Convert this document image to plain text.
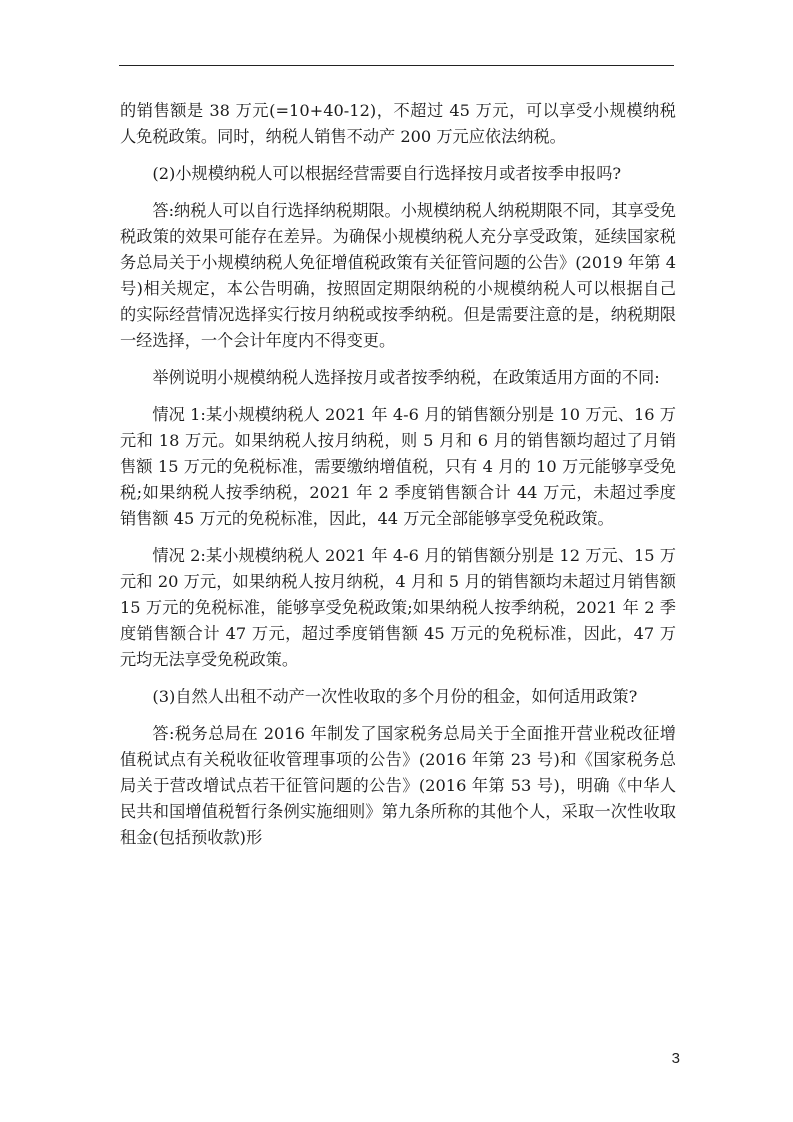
的销售额是 38 万元(=10+40-12)，不超过 45 万元，可以享受小规模纳税人免税政策。同时，纳税人销售不动产 200 万元应依法纳税。

(2)小规模纳税人可以根据经营需要自行选择按月或者按季申报吗?

答:纳税人可以自行选择纳税期限。小规模纳税人纳税期限不同，其享受免税政策的效果可能存在差异。为确保小规模纳税人充分享受政策，延续国家税务总局关于小规模纳税人免征增值税政策有关征管问题的公告》(2019 年第 4 号)相关规定，本公告明确，按照固定期限纳税的小规模纳税人可以根据自己的实际经营情况选择实行按月纳税或按季纳税。但是需要注意的是，纳税期限一经选择，一个会计年度内不得变更。

举例说明小规模纳税人选择按月或者按季纳税，在政策适用方面的不同:

情况 1:某小规模纳税人 2021 年 4-6 月的销售额分别是 10 万元、16 万元和 18 万元。如果纳税人按月纳税，则 5 月和 6 月的销售额均超过了月销售额 15 万元的免税标准，需要缴纳增值税，只有 4 月的 10 万元能够享受免税;如果纳税人按季纳税，2021 年 2 季度销售额合计 44 万元，未超过季度销售额 45 万元的免税标准，因此，44 万元全部能够享受免税政策。

情况 2:某小规模纳税人 2021 年 4-6 月的销售额分别是 12 万元、15 万元和 20 万元，如果纳税人按月纳税，4 月和 5 月的销售额均未超过月销售额 15 万元的免税标准，能够享受免税政策;如果纳税人按季纳税，2021 年 2 季度销售额合计 47 万元，超过季度销售额 45 万元的免税标准，因此，47 万元均无法享受免税政策。

(3)自然人出租不动产一次性收取的多个月份的租金，如何适用政策?

答:税务总局在 2016 年制发了国家税务总局关于全面推开营业税改征增值税试点有关税收征收管理事项的公告》(2016 年第 23 号)和《国家税务总局关于营改增试点若干征管问题的公告》(2016 年第 53 号)，明确《中华人民共和国增值税暂行条例实施细则》第九条所称的其他个人，采取一次性收取租金(包括预收款)形

3
